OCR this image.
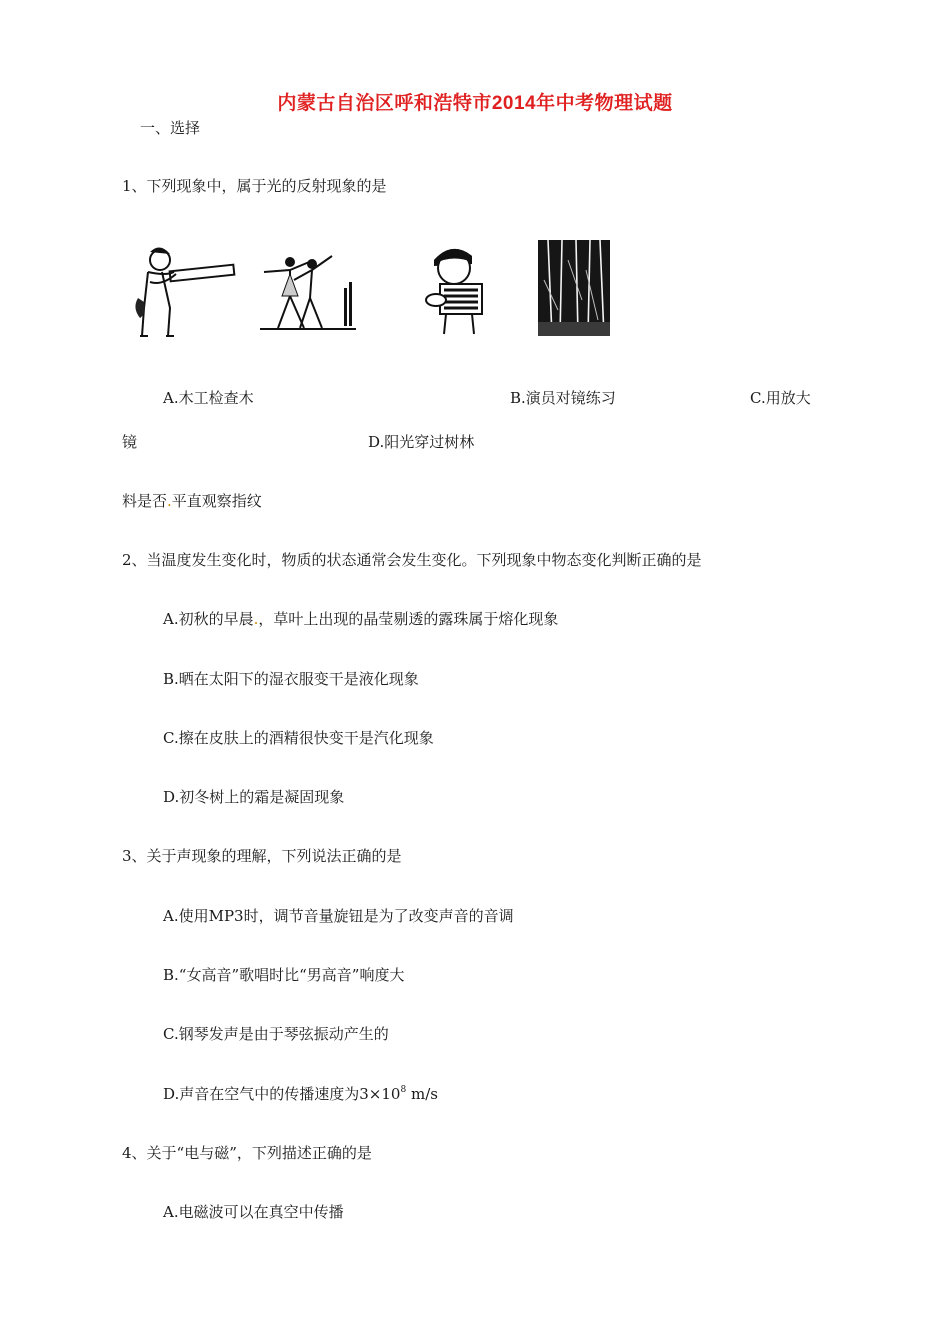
内蒙古自治区呼和浩特市2014年中考物理试题
一、选择
1、下列现象中，属于光的反射现象的是
A.木工检查木	B.演员对镜练习	C.用放大
镜	D.阳光穿过树林
料是否.平直观察指纹
2、当温度发生变化时，物质的状态通常会发生变化。下列现象中物态变化判断正确的是
A.初秋的早晨.，草叶上出现的晶莹剔透的露珠属于熔化现象
B.晒在太阳下的湿衣服变干是液化现象
C.擦在皮肤上的酒精很快变干是汽化现象
D.初冬树上的霜是凝固现象
3、关于声现象的理解，下列说法正确的是
A.使用MP3时，调节音量旋钮是为了改变声音的音调
B.“女高音”歌唱时比“男高音”响度大
C.钢琴发声是由于琴弦振动产生的
D.声音在空气中的传播速度为$3\times 10^8$ m/s
4、关于“电与磁”，下列描述正确的是
A.电磁波可以在真空中传播
